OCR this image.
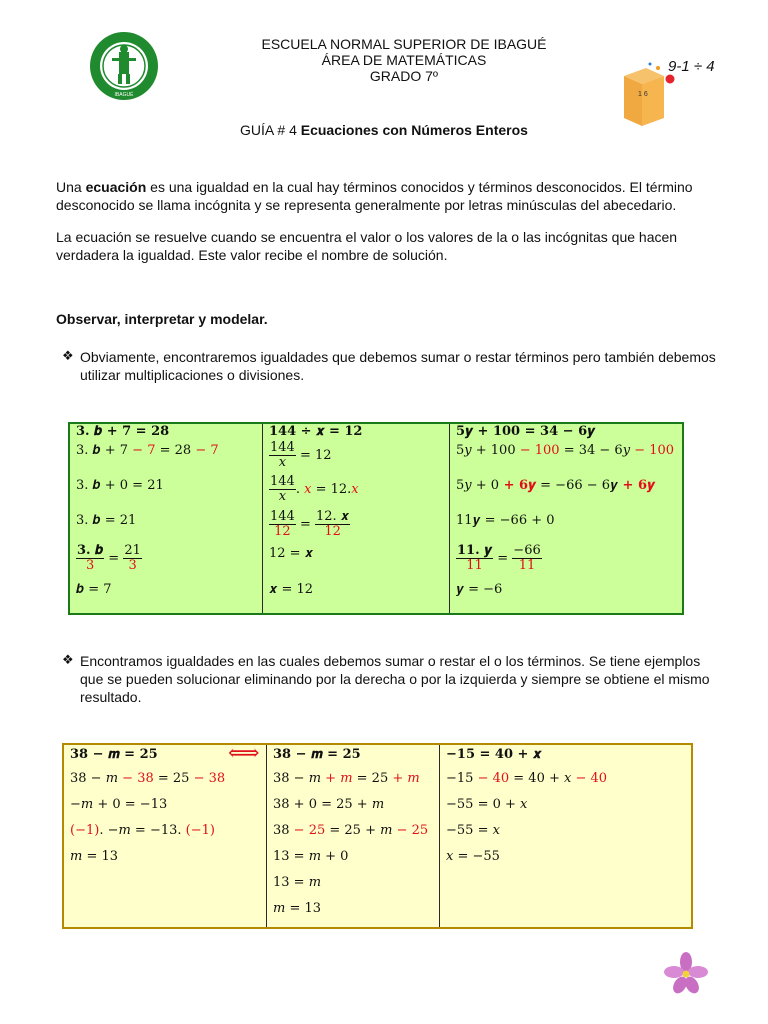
IBAGUÉ
ESCUELA NORMAL SUPERIOR DE IBAGUÉ
ÁREA DE MATEMÁTICAS
GRADO 7º
1 6
9-1 ÷ 4
GUÍA # 4 Ecuaciones con Números Enteros
Una ecuación es una igualdad en la cual hay términos conocidos y términos desconocidos. El término desconocido se llama incógnita y se representa generalmente por letras minúsculas del abecedario.
La ecuación se resuelve cuando se encuentra el valor o los valores de la o las incógnitas que hacen verdadera la igualdad. Este valor recibe el nombre de solución.
Observar, interpretar y modelar.
❖ Obviamente, encontraremos igualdades que debemos sumar o restar términos pero también debemos utilizar multiplicaciones o divisiones.
3. 𝒃 + 7 = 28
3. 𝒃 + 7 − 7 = 28 − 7
3. 𝒃 + 0 = 21
3. 𝒃 = 21
$\frac{\text{3. 𝒃}}{3} = \frac{21}{3}$
𝒃 = 7

144 ÷ 𝒙 = 12
$\frac{144}{\text{𝑥}} = 12$
$\frac{144}{\text{𝑥}}$ . 𝑥 = 12.𝑥
$\frac{144}{12} = \frac{\text{12. 𝒙}}{12}$
12 = 𝒙
𝒙 = 12

5𝒚 + 100 = 34 − 6𝒚
5𝑦 + 100 − 100 = 34 − 6𝑦 − 100
5𝑦 + 0 + 6𝒚 = −66 − 6𝒚 + 6𝒚
11𝒚 = −66 + 0
$\frac{\text{11. 𝒚}}{11} = \frac{-66}{11}$
𝒚 = −6
❖ Encontramos igualdades en las cuales debemos sumar o restar el o los términos. Se tiene ejemplos que se pueden solucionar eliminando por la derecha o por la izquierda y siempre se obtiene el mismo resultado.
38 − 𝒎 = 25
38 − 𝑚 − 38 = 25 − 38
−𝑚 + 0 = −13
(−1). −𝑚 = −13. (−1)
𝑚 = 13
⟺	38 − 𝒎 = 25
38 − 𝑚 + 𝑚 = 25 + 𝑚
38 + 0 = 25 + 𝑚
38 − 25 = 25 + 𝑚 − 25
13 = 𝑚 + 0
13 = 𝑚
𝑚 = 13

−15 = 40 + 𝒙
−15 − 40 = 40 + 𝑥 − 40
−55 = 0 + 𝑥
−55 = 𝑥
𝑥 = −55
